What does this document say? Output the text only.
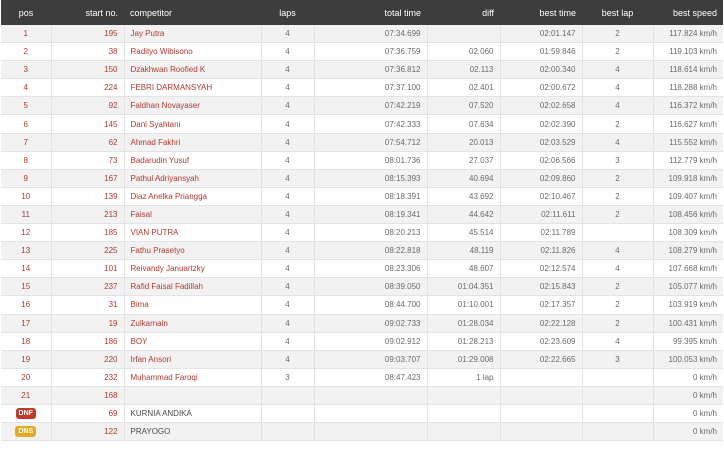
pos	start no.	competitor	laps	total time	diff	best time	best lap	best speed
1	195	Jay Putra	4	07:34.699		02:01.147	2	117.824 km/h
2	38	Radityo Wibisono	4	07:36.759	02.060	01:59.846	2	119.103 km/h
3	150	Dzakhwan Roofied K	4	07:36.812	02.113	02:00.340	4	118.614 km/h
4	224	FEBRI DARMANSYAH	4	07:37.100	02.401	02:00.672	4	118.288 km/h
5	92	Faldhan Novayaser	4	07:42.219	07.520	02:02.658	4	116.372 km/h
6	145	Dani Syahtani	4	07:42.333	07.634	02:02.390	2	116.627 km/h
7	62	Ahmad Fakhri	4	07:54.712	20.013	02:03.529	4	115.552 km/h
8	73	Badarudin Yusuf	4	08:01.736	27.037	02:06.566	3	112.779 km/h
9	167	Pathul Adriyansyah	4	08:15.393	40.694	02:09.860	2	109.918 km/h
10	139	Diaz Anelka Priangga	4	08:18.391	43.692	02:10.467	2	109.407 km/h
11	213	Faisal	4	08:19.341	44.642	02:11.611	2	108.456 km/h
12	185	VIAN PUTRA	4	08:20.213	45.514	02:11.789		108.309 km/h
13	225	Fathu Prasetyo	4	08:22.818	48.119	02:11.826	4	108.279 km/h
14	101	Reivandy Januartzky	4	08:23.306	48.607	02:12.574	4	107.668 km/h
15	237	Rafid Faisal Fadillah	4	08:39.050	01:04.351	02:15.843	2	105.077 km/h
16	31	Bima	4	08:44.700	01:10.001	02:17.357	2	103.919 km/h
17	19	Zulkarnain	4	09:02.733	01:28.034	02:22.128	2	100.431 km/h
18	186	BOY	4	09:02.912	01:28.213	02:23.609	4	99.395 km/h
19	220	Irfan Ansori	4	09:03.707	01:29.008	02:22.665	3	100.053 km/h
20	232	Muhammad Faroqi	3	08:47.423	1 lap			0 km/h
21	168							0 km/h
DNF	69	KURNIA ANDIKA						0 km/h
DNS	122	PRAYOGO						0 km/h
